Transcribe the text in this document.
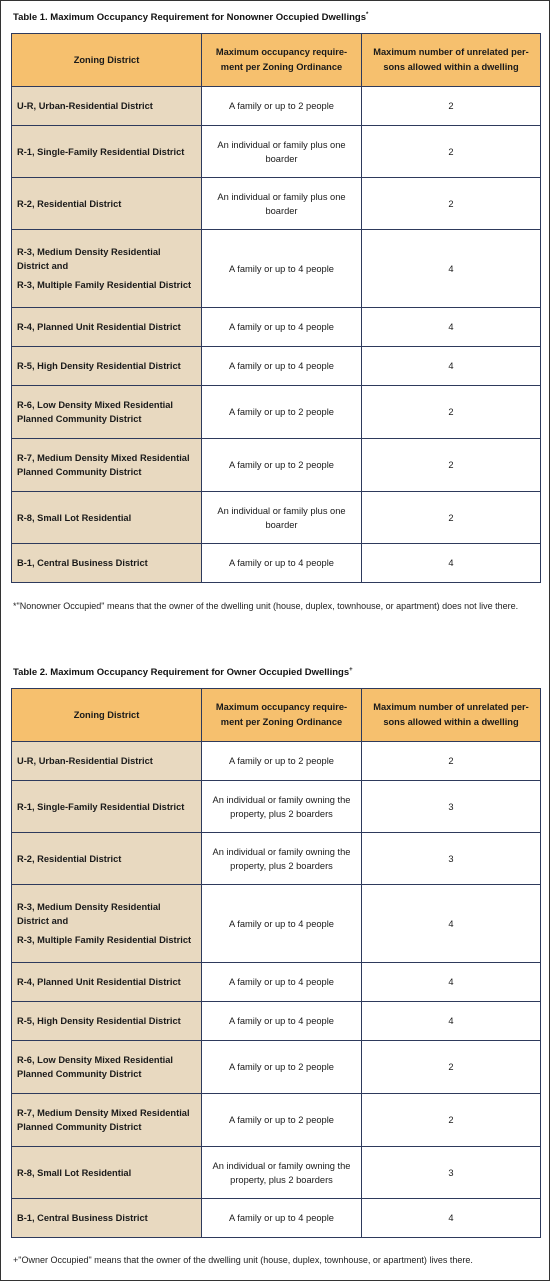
Table 1. Maximum Occupancy Requirement for Nonowner Occupied Dwellings*
Zoning District	Maximum occupancy require-ment per Zoning Ordinance	Maximum number of unrelated per-sons allowed within a dwelling
U-R, Urban-Residential District	A family or up to 2 people	2
R-1, Single-Family Residential District	An individual or family plus one boarder	2
R-2, Residential District	An individual or family plus one boarder	2
R-3, Medium Density Residential
District and
R-3, Multiple Family Residential District	A family or up to 4 people	4
R-4, Planned Unit Residential District	A family or up to 4 people	4
R-5, High Density Residential District	A family or up to 4 people	4
R-6, Low Density Mixed Residential
Planned Community District	A family or up to 2 people	2
R-7, Medium Density Mixed Residential
Planned Community District	A family or up to 2 people	2
R-8, Small Lot Residential	An individual or family plus one boarder	2
B-1, Central Business District	A family or up to 4 people	4
*"Nonowner Occupied" means that the owner of the dwelling unit (house, duplex, townhouse, or apartment) does not live there.
Table 2. Maximum Occupancy Requirement for Owner Occupied Dwellings+
Zoning District	Maximum occupancy require-ment per Zoning Ordinance	Maximum number of unrelated per-sons allowed within a dwelling
U-R, Urban-Residential District	A family or up to 2 people	2
R-1, Single-Family Residential District	An individual or family owning the property, plus 2 boarders	3
R-2, Residential District	An individual or family owning the property, plus 2 boarders	3
R-3, Medium Density Residential
District and
R-3, Multiple Family Residential District	A family or up to 4 people	4
R-4, Planned Unit Residential District	A family or up to 4 people	4
R-5, High Density Residential District	A family or up to 4 people	4
R-6, Low Density Mixed Residential
Planned Community District	A family or up to 2 people	2
R-7, Medium Density Mixed Residential
Planned Community District	A family or up to 2 people	2
R-8, Small Lot Residential	An individual or family owning the property, plus 2 boarders	3
B-1, Central Business District	A family or up to 4 people	4
+"Owner Occupied" means that the owner of the dwelling unit (house, duplex, townhouse, or apartment) lives there.
